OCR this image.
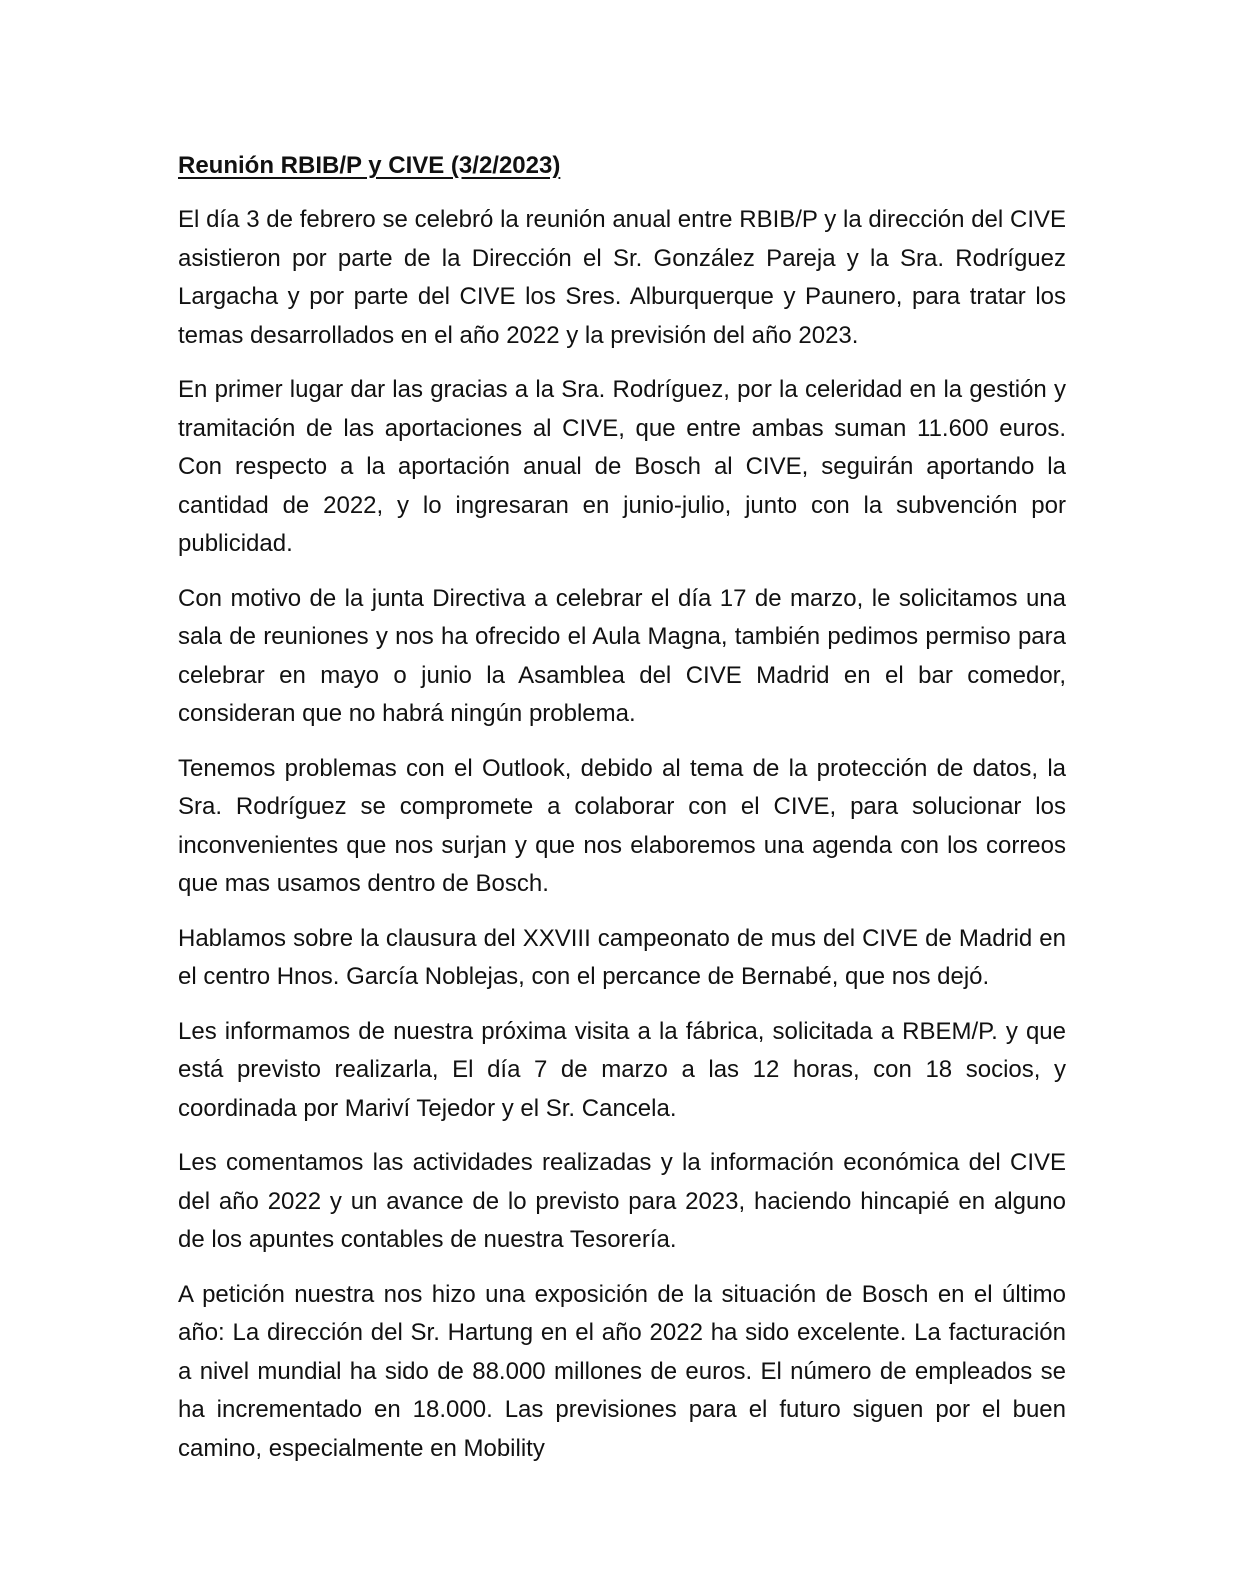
Reunión RBIB/P y CIVE (3/2/2023)

El día 3 de febrero se celebró la reunión anual entre RBIB/P y la dirección del CIVE asistieron por parte de la Dirección el Sr. González Pareja y la Sra. Rodríguez Largacha y por parte del CIVE los Sres. Alburquerque y Paunero, para tratar los temas desarrollados en el año 2022 y la previsión del año 2023.

En primer lugar dar las gracias a la Sra. Rodríguez, por la celeridad en la gestión y tramitación de las aportaciones al CIVE, que entre ambas suman 11.600 euros. Con respecto a la aportación anual de Bosch al CIVE, seguirán aportando la cantidad de 2022, y lo ingresaran en junio-julio, junto con la subvención por publicidad.

Con motivo de la junta Directiva a celebrar el día 17 de marzo, le solicitamos una sala de reuniones y nos ha ofrecido el Aula Magna, también pedimos permiso para celebrar en mayo o junio la Asamblea del CIVE Madrid en el bar comedor, consideran que no habrá ningún problema.

Tenemos problemas con el Outlook, debido al tema de la protección de datos, la Sra. Rodríguez se compromete a colaborar con el CIVE, para solucionar los inconvenientes que nos surjan y que nos elaboremos una agenda con los correos que mas usamos dentro de Bosch.

Hablamos sobre la clausura del XXVIII campeonato de mus del CIVE de Madrid en el centro Hnos. García Noblejas, con el percance de Bernabé, que nos dejó.

Les informamos de nuestra próxima visita a la fábrica, solicitada a RBEM/P. y que está previsto realizarla, El día 7 de marzo a las 12 horas, con 18 socios, y coordinada por Mariví Tejedor y el Sr. Cancela.

Les comentamos las actividades realizadas y la información económica del CIVE del año 2022 y un avance de lo previsto para 2023, haciendo hincapié en alguno de los apuntes contables de nuestra Tesorería.

A petición nuestra nos hizo una exposición de la situación de Bosch en el último año: La dirección del Sr. Hartung en el año 2022 ha sido excelente. La facturación a nivel mundial ha sido de 88.000 millones de euros. El número de empleados se ha incrementado en 18.000. Las previsiones para el futuro siguen por el buen camino, especialmente en Mobility
